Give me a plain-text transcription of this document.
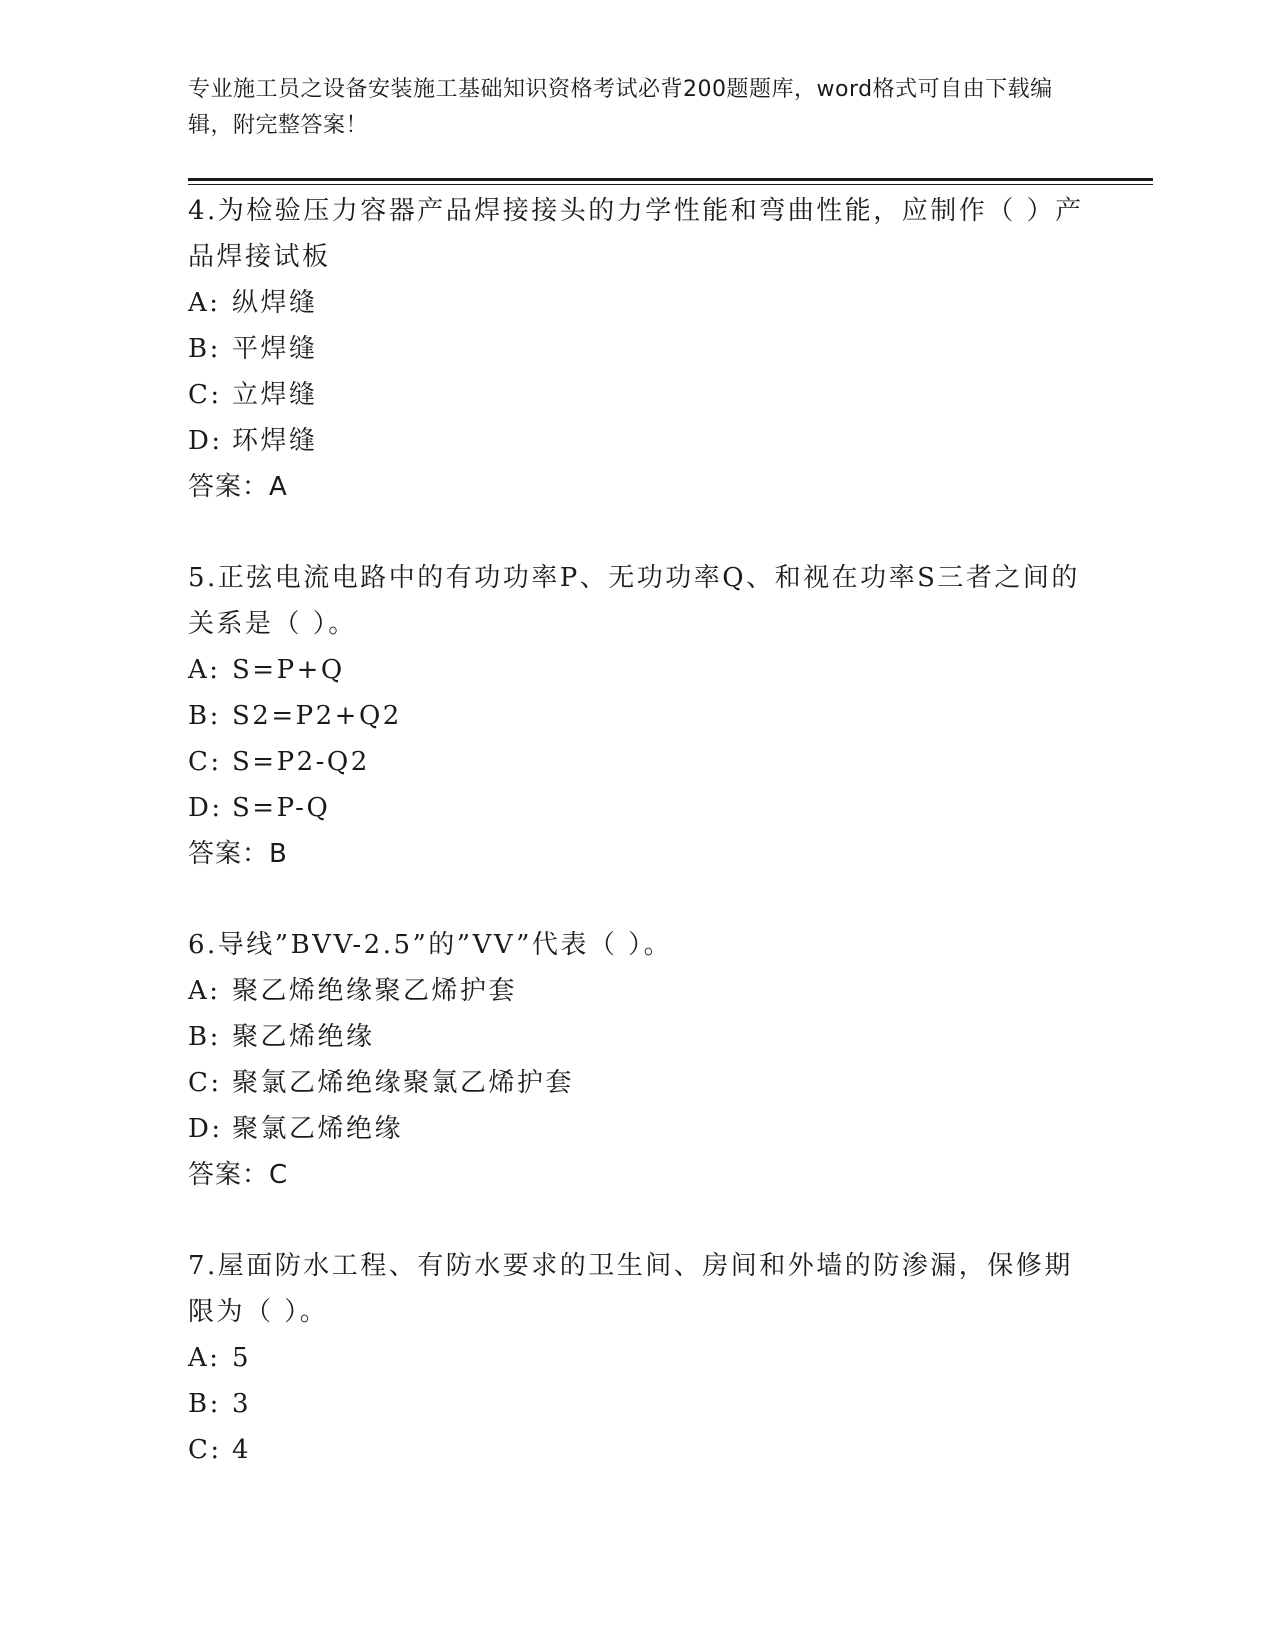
专业施工员之设备安装施工基础知识资格考试必背200题题库，word格式可自由下载编辑，附完整答案！

4.为检验压力容器产品焊接接头的力学性能和弯曲性能，应制作（ ）产品焊接试板

A: 纵焊缝
B: 平焊缝
C: 立焊缝
D: 环焊缝
答案：A

5.正弦电流电路中的有功功率P、无功功率Q、和视在功率S三者之间的关系是（ ）。

A: S=P+Q
B: S2=P2+Q2
C: S=P2-Q2
D: S=P-Q
答案：B

6.导线”BVV-2.5”的”VV”代表（ ）。

A: 聚乙烯绝缘聚乙烯护套
B: 聚乙烯绝缘
C: 聚氯乙烯绝缘聚氯乙烯护套
D: 聚氯乙烯绝缘
答案：C

7.屋面防水工程、有防水要求的卫生间、房间和外墙的防渗漏，保修期限为（ ）。

A: 5
B: 3
C: 4
